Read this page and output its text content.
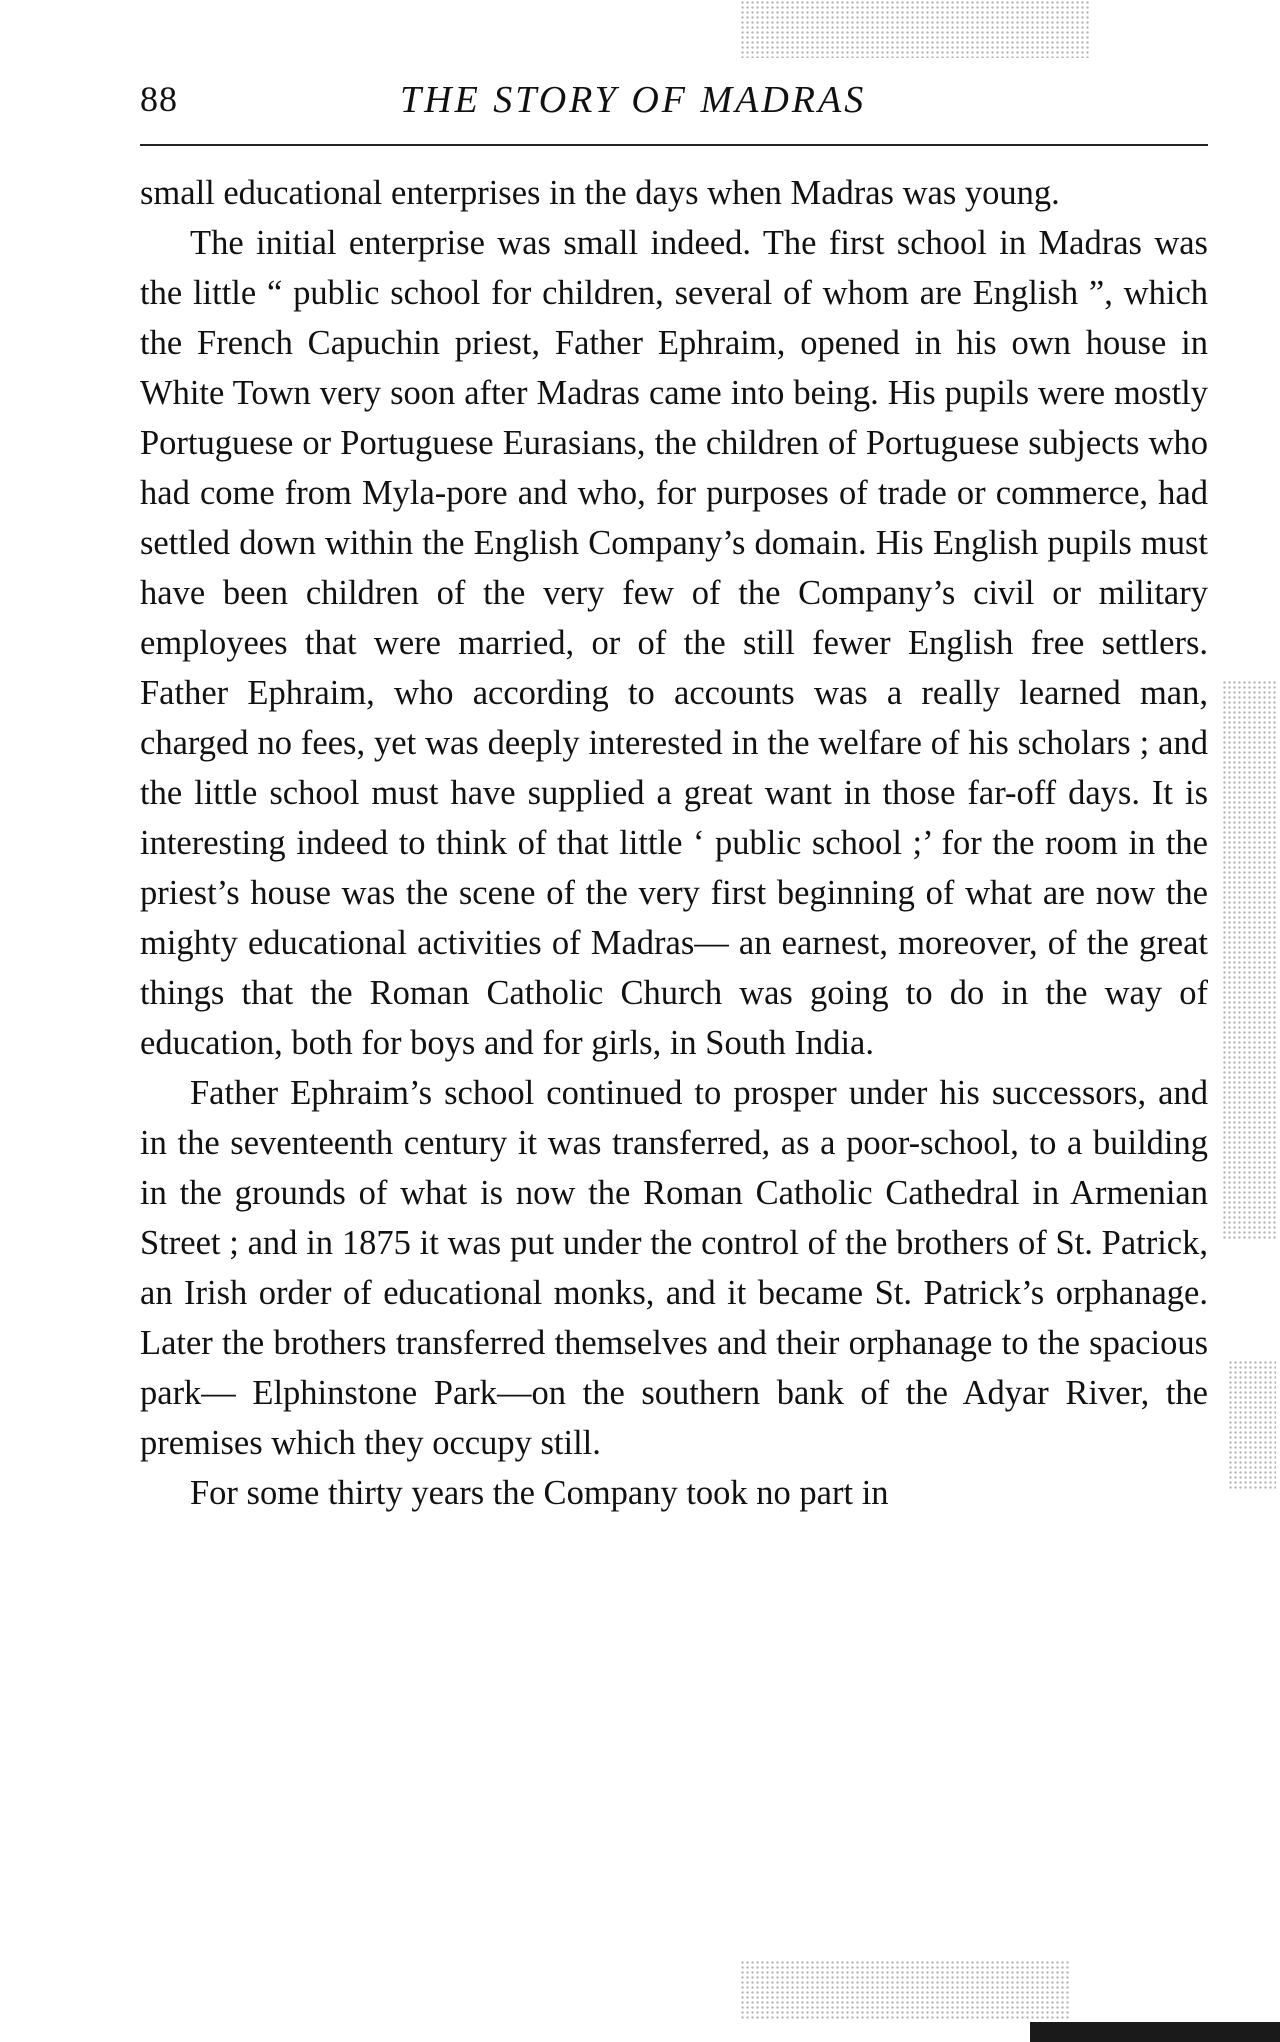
88	THE STORY OF MADRAS

small educational enterprises in the days when Madras was young.

The initial enterprise was small indeed. The first school in Madras was the little “ public school for children, several of whom are English ”, which the French Capuchin priest, Father Ephraim, opened in his own house in White Town very soon after Madras came into being. His pupils were mostly Portuguese or Portuguese Eurasians, the children of Portuguese subjects who had come from Myla-pore and who, for purposes of trade or commerce, had settled down within the English Company’s domain. His English pupils must have been children of the very few of the Company’s civil or military employees that were married, or of the still fewer English free settlers. Father Ephraim, who according to accounts was a really learned man, charged no fees, yet was deeply interested in the welfare of his scholars ; and the little school must have supplied a great want in those far-off days. It is interesting indeed to think of that little ‘ public school ;’ for the room in the priest’s house was the scene of the very first beginning of what are now the mighty educational activities of Madras— an earnest, moreover, of the great things that the Roman Catholic Church was going to do in the way of education, both for boys and for girls, in South India.

Father Ephraim’s school continued to prosper under his successors, and in the seventeenth century it was transferred, as a poor-school, to a building in the grounds of what is now the Roman Catholic Cathedral in Armenian Street ; and in 1875 it was put under the control of the brothers of St. Patrick, an Irish order of educational monks, and it became St. Patrick’s orphanage. Later the brothers transferred themselves and their orphanage to the spacious park— Elphinstone Park—on the southern bank of the Adyar River, the premises which they occupy still.

For some thirty years the Company took no part in
